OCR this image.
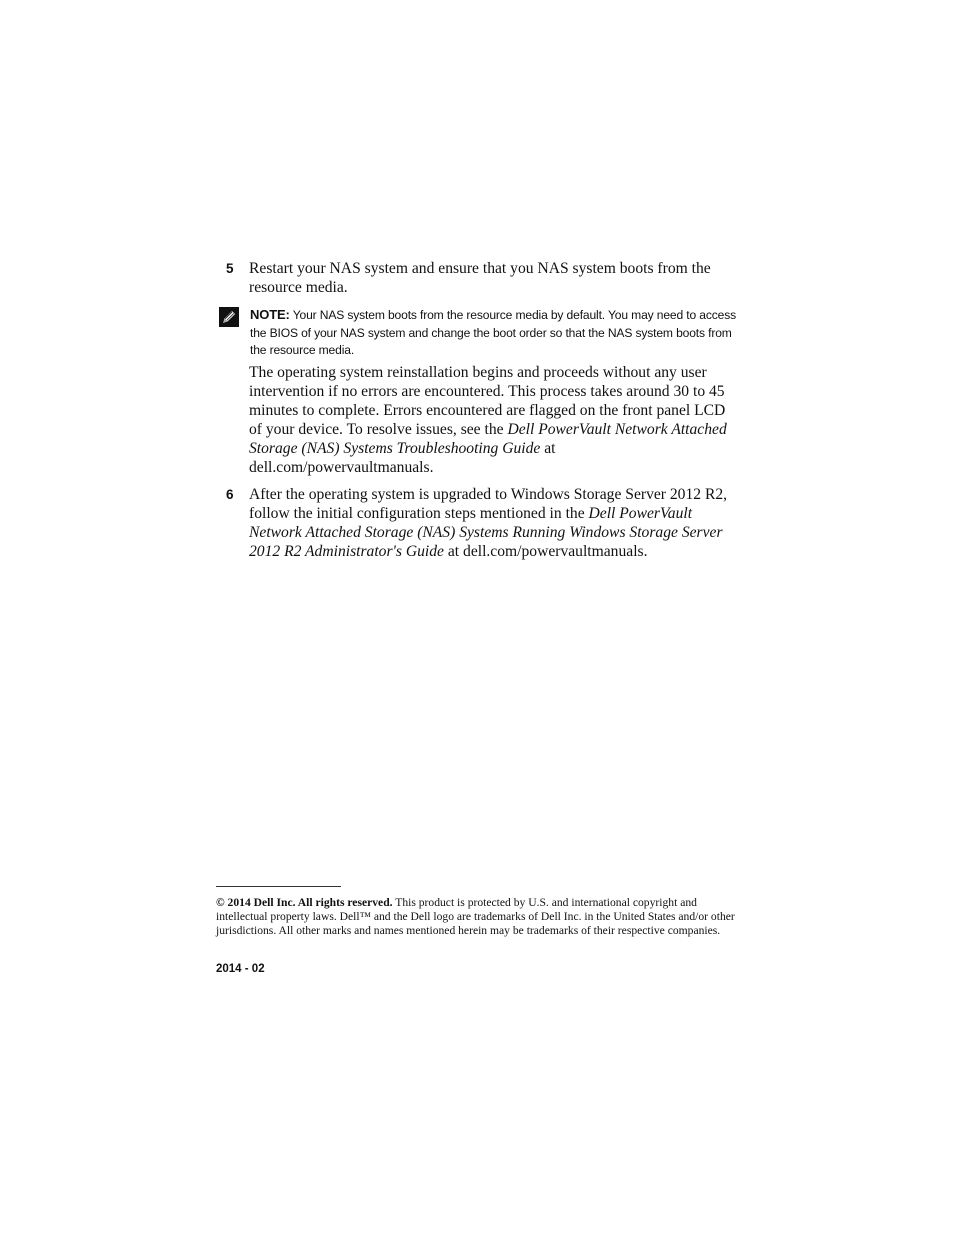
5 Restart your NAS system and ensure that you NAS system boots from the resource media.

NOTE: Your NAS system boots from the resource media by default. You may need to access the BIOS of your NAS system and change the boot order so that the NAS system boots from the resource media.

The operating system reinstallation begins and proceeds without any user intervention if no errors are encountered. This process takes around 30 to 45 minutes to complete. Errors encountered are flagged on the front panel LCD of your device. To resolve issues, see the Dell PowerVault Network Attached Storage (NAS) Systems Troubleshooting Guide at dell.com/powervaultmanuals.

6 After the operating system is upgraded to Windows Storage Server 2012 R2, follow the initial configuration steps mentioned in the Dell PowerVault Network Attached Storage (NAS) Systems Running Windows Storage Server 2012 R2 Administrator's Guide at dell.com/powervaultmanuals.

© 2014 Dell Inc. All rights reserved. This product is protected by U.S. and international copyright and intellectual property laws. Dell™ and the Dell logo are trademarks of Dell Inc. in the United States and/or other jurisdictions. All other marks and names mentioned herein may be trademarks of their respective companies.

2014 - 02
